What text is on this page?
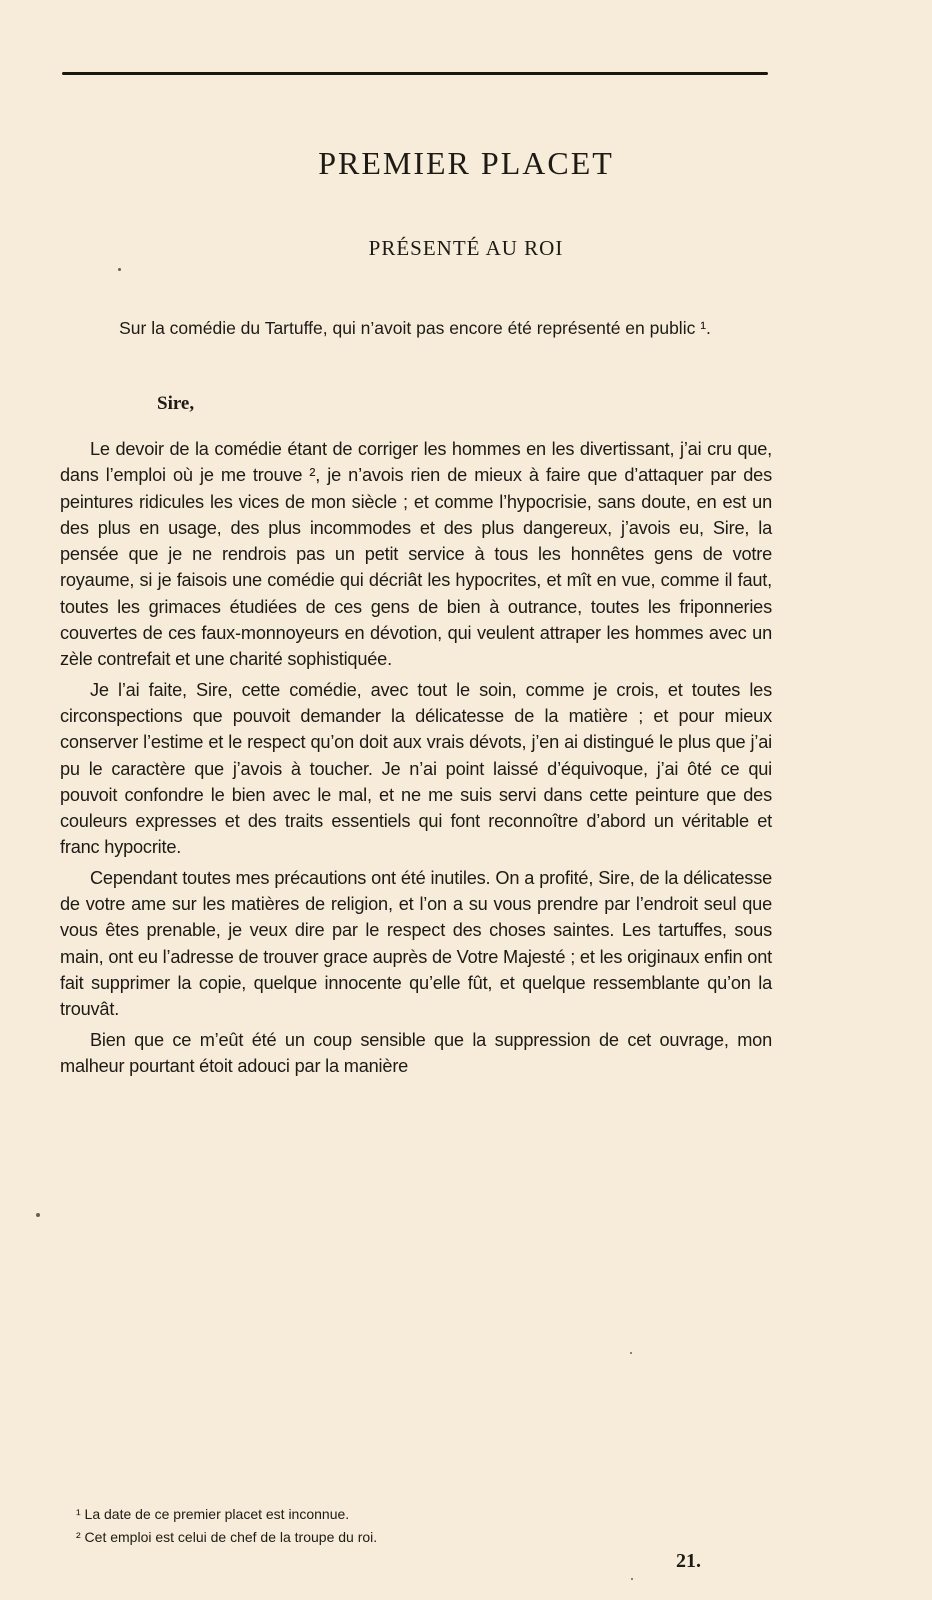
PREMIER PLACET
PRÉSENTÉ AU ROI

Sur la comédie du Tartuffe, qui n’avoit pas encore été représenté en public ¹.

Sire,

Le devoir de la comédie étant de corriger les hommes en les divertissant, j’ai cru que, dans l’emploi où je me trouve ², je n’avois rien de mieux à faire que d’attaquer par des peintures ridicules les vices de mon siècle ; et comme l’hypocrisie, sans doute, en est un des plus en usage, des plus incommodes et des plus dangereux, j’avois eu, Sire, la pensée que je ne rendrois pas un petit service à tous les honnêtes gens de votre royaume, si je faisois une comédie qui décriât les hypocrites, et mît en vue, comme il faut, toutes les grimaces étudiées de ces gens de bien à outrance, toutes les friponneries couvertes de ces faux-monnoyeurs en dévotion, qui veulent attraper les hommes avec un zèle contrefait et une charité sophistiquée.

Je l’ai faite, Sire, cette comédie, avec tout le soin, comme je crois, et toutes les circonspections que pouvoit demander la délicatesse de la matière ; et pour mieux conserver l’estime et le respect qu’on doit aux vrais dévots, j’en ai distingué le plus que j’ai pu le caractère que j’avois à toucher. Je n’ai point laissé d’équivoque, j’ai ôté ce qui pouvoit confondre le bien avec le mal, et ne me suis servi dans cette peinture que des couleurs expresses et des traits essentiels qui font reconnoître d’abord un véritable et franc hypocrite.

Cependant toutes mes précautions ont été inutiles. On a profité, Sire, de la délicatesse de votre ame sur les matières de religion, et l’on a su vous prendre par l’endroit seul que vous êtes prenable, je veux dire par le respect des choses saintes. Les tartuffes, sous main, ont eu l’adresse de trouver grace auprès de Votre Majesté ; et les originaux enfin ont fait supprimer la copie, quelque innocente qu’elle fût, et quelque ressemblante qu’on la trouvât.

Bien que ce m’eût été un coup sensible que la suppression de cet ouvrage, mon malheur pourtant étoit adouci par la manière

¹ La date de ce premier placet est inconnue.
² Cet emploi est celui de chef de la troupe du roi.
21.
